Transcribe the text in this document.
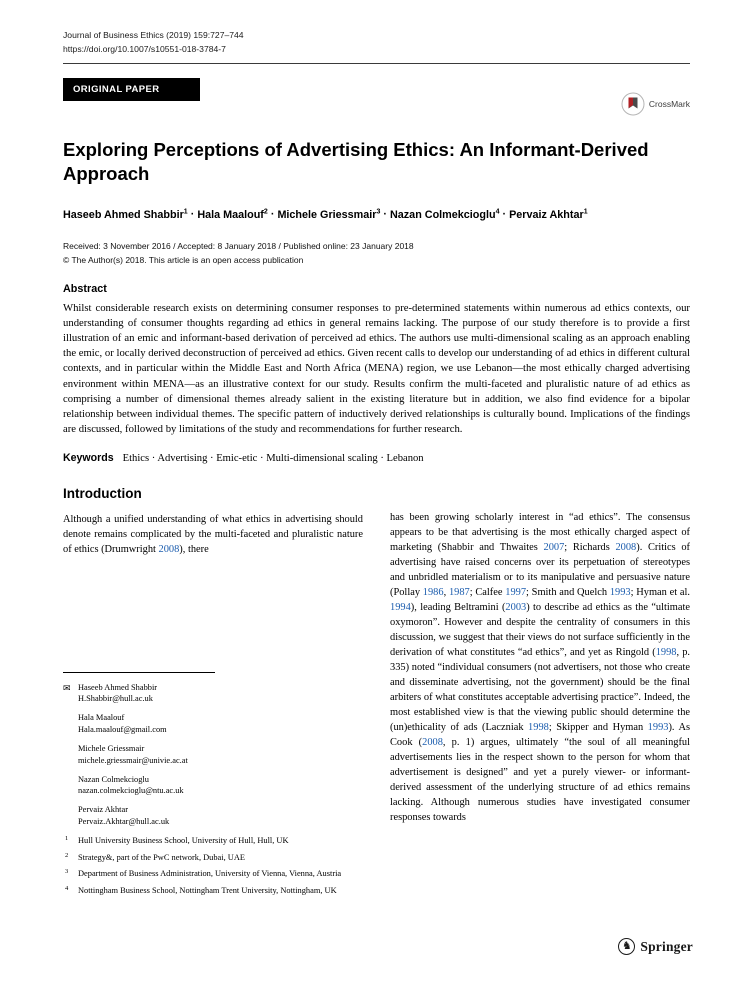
Journal of Business Ethics (2019) 159:727–744
https://doi.org/10.1007/s10551-018-3784-7
ORIGINAL PAPER
CrossMark
Exploring Perceptions of Advertising Ethics: An Informant-Derived Approach
Haseeb Ahmed Shabbir$^1$ · Hala Maalouf$^2$ · Michele Griessmair$^3$ · Nazan Colmekcioglu$^4$ · Pervaiz Akhtar$^1$
Received: 3 November 2016 / Accepted: 8 January 2018 / Published online: 23 January 2018
© The Author(s) 2018. This article is an open access publication
Abstract

Whilst considerable research exists on determining consumer responses to pre-determined statements within numerous ad ethics contexts, our understanding of consumer thoughts regarding ad ethics in general remains lacking. The purpose of our study therefore is to provide a first illustration of an emic and informant-based derivation of perceived ad ethics. The authors use multi-dimensional scaling as an approach enabling the emic, or locally derived deconstruction of perceived ad ethics. Given recent calls to develop our understanding of ad ethics in different cultural contexts, and in particular within the Middle East and North Africa (MENA) region, we use Lebanon—the most ethically charged advertising environment within MENA—as an illustrative context for our study. Results confirm the multi-faceted and pluralistic nature of ad ethics as comprising a number of dimensional themes already salient in the existing literature but in addition, we also find evidence for a bipolar relationship between individual themes. The specific pattern of inductively derived relationships is culturally bound. Implications of the findings are discussed, followed by limitations of the study and recommendations for further research.

Keywords Ethics · Advertising · Emic-etic · Multi-dimensional scaling · Lebanon
Introduction

Although a unified understanding of what ethics in advertising should denote remains complicated by the multi-faceted and pluralistic nature of ethics (Drumwright 2008), there

✉ Haseeb Ahmed Shabbir
H.Shabbir@hull.ac.uk
Hala Maalouf
Hala.maalouf@gmail.com
Michele Griessmair
michele.griessmair@univie.ac.at
Nazan Colmekcioglu
nazan.colmekcioglu@ntu.ac.uk
Pervaiz Akhtar
Pervaiz.Akhtar@hull.ac.uk
1 Hull University Business School, University of Hull, Hull, UK
2 Strategy&, part of the PwC network, Dubai, UAE
3 Department of Business Administration, University of Vienna, Vienna, Austria
4 Nottingham Business School, Nottingham Trent University, Nottingham, UK

has been growing scholarly interest in “ad ethics”. The consensus appears to be that advertising is the most ethically charged aspect of marketing (Shabbir and Thwaites 2007; Richards 2008). Critics of advertising have raised concerns over its perpetuation of stereotypes and unbridled materialism or to its manipulative and persuasive nature (Pollay 1986, 1987; Calfee 1997; Smith and Quelch 1993; Hyman et al. 1994), leading Beltramini (2003) to describe ad ethics as the “ultimate oxymoron”. However and despite the centrality of consumers in this discussion, we suggest that their views do not surface sufficiently in the derivation of what constitutes “ad ethics”, and yet as Ringold (1998, p. 335) noted “individual consumers (not advertisers, not those who create and disseminate advertising, not the government) should be the final arbiters of what constitutes acceptable advertising practice”. Indeed, the most established view is that the viewing public should determine the (un)ethicality of ads (Laczniak 1998; Skipper and Hyman 1993). As Cook (2008, p. 1) argues, ultimately “the soul of all meaningful advertisements lies in the respect shown to the person for whom that advertisement is designed” and yet a purely viewer- or informant-derived assessment of the underlying structure of ad ethics remains lacking. Although numerous studies have investigated consumer responses towards

♞ Springer
